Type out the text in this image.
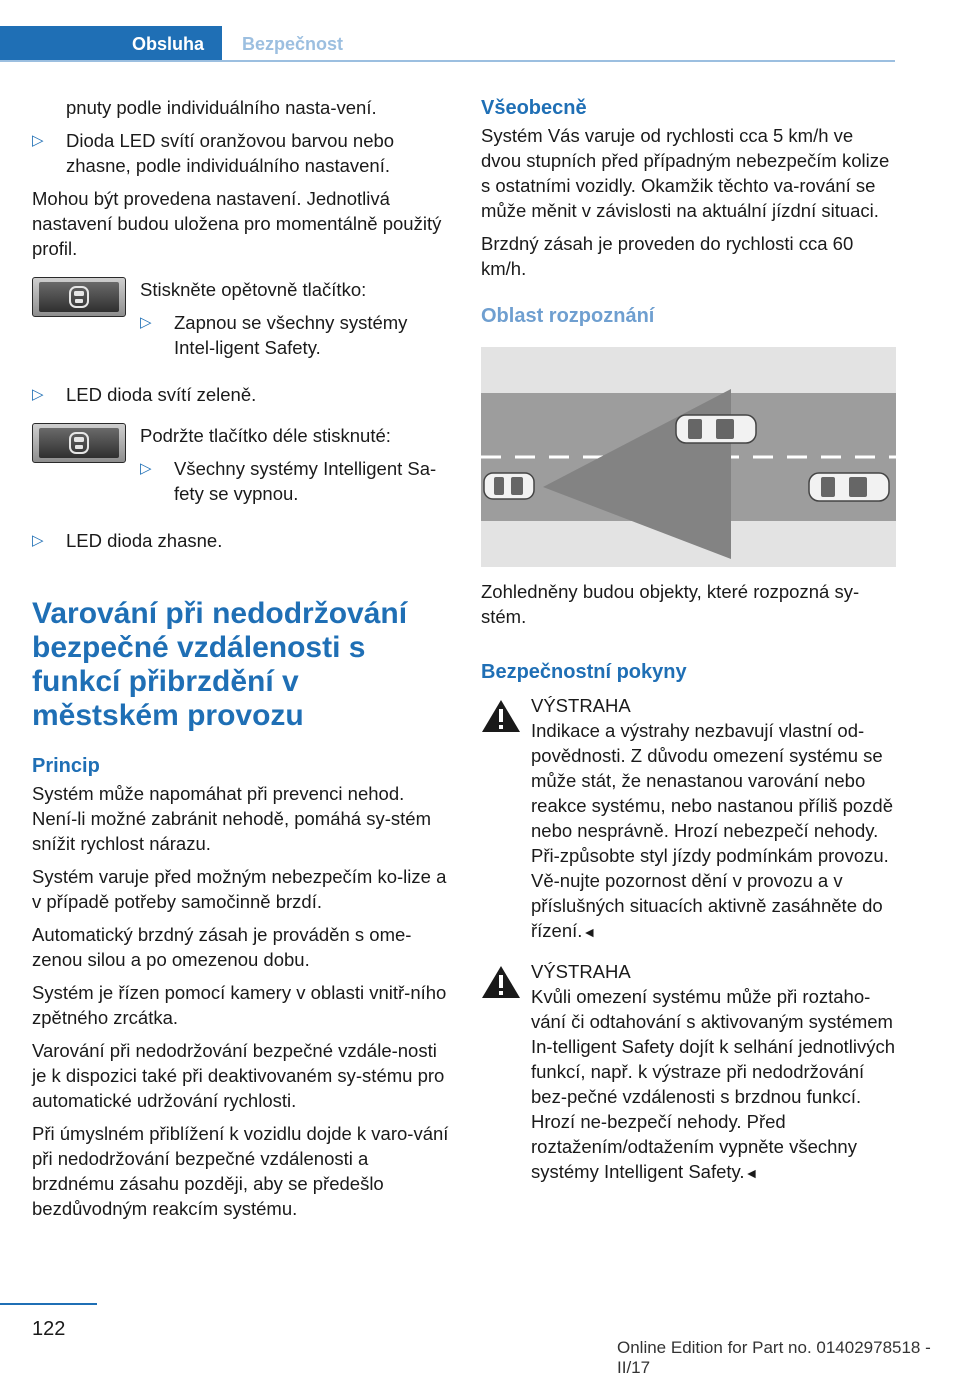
Obsluha	Bezpečnost

pnuty podle individuálního nasta-vení.

▷ Dioda LED svítí oranžovou barvou nebo zhasne, podle individuálního nastavení.

Mohou být provedena nastavení. Jednotlivá nastavení budou uložena pro momentálně použitý profil.

Stiskněte opětovně tlačítko:

▷ Zapnou se všechny systémy Intel-ligent Safety.
▷ LED dioda svítí zeleně.

Podržte tlačítko déle stisknuté:

▷ Všechny systémy Intelligent Sa-fety se vypnou.
▷ LED dioda zhasne.
Varování při nedodržování bezpečné vzdálenosti s funkcí přibrzdění v městském provozu
Princip

Systém může napomáhat při prevenci nehod. Není-li možné zabránit nehodě, pomáhá sy-stém snížit rychlost nárazu.

Systém varuje před možným nebezpečím ko-lize a v případě potřeby samočinně brzdí.

Automatický brzdný zásah je prováděn s ome-zenou silou a po omezenou dobu.

Systém je řízen pomocí kamery v oblasti vnitř-ního zpětného zrcátka.

Varování při nedodržování bezpečné vzdále-nosti je k dispozici také při deaktivovaném sy-stému pro automatické udržování rychlosti.

Při úmyslném přiblížení k vozidlu dojde k varo-vání při nedodržování bezpečné vzdálenosti a brzdnému zásahu později, aby se předešlo bezdůvodným reakcím systému.

Všeobecně

Systém Vás varuje od rychlosti cca 5 km/h ve dvou stupních před případným nebezpečím kolize s ostatními vozidly. Okamžik těchto va-rování se může měnit v závislosti na aktuální jízdní situaci.

Brzdný zásah je proveden do rychlosti cca 60 km/h.

Oblast rozpoznání

Zohledněny budou objekty, které rozpozná sy-stém.

Bezpečnostní pokyny
VÝSTRAHA
Indikace a výstrahy nezbavují vlastní od-povědnosti. Z důvodu omezení systému se může stát, že nenastanou varování nebo reakce systému, nebo nastanou příliš pozdě nebo nesprávně. Hrozí nebezpečí nehody. Při-způsobte styl jízdy podmínkám provozu. Vě-nujte pozornost dění v provozu a v příslušných situacích aktivně zasáhněte do řízení.◄
VÝSTRAHA
Kvůli omezení systému může při roztaho-vání či odtahování s aktivovaným systémem In-telligent Safety dojít k selhání jednotlivých funkcí, např. k výstraze při nedodržování bez-pečné vzdálenosti s brzdnou funkcí. Hrozí ne-bezpečí nehody. Před roztažením/odtažením vypněte všechny systémy Intelligent Safety.◄
122
Online Edition for Part no. 01402978518 - II/17
